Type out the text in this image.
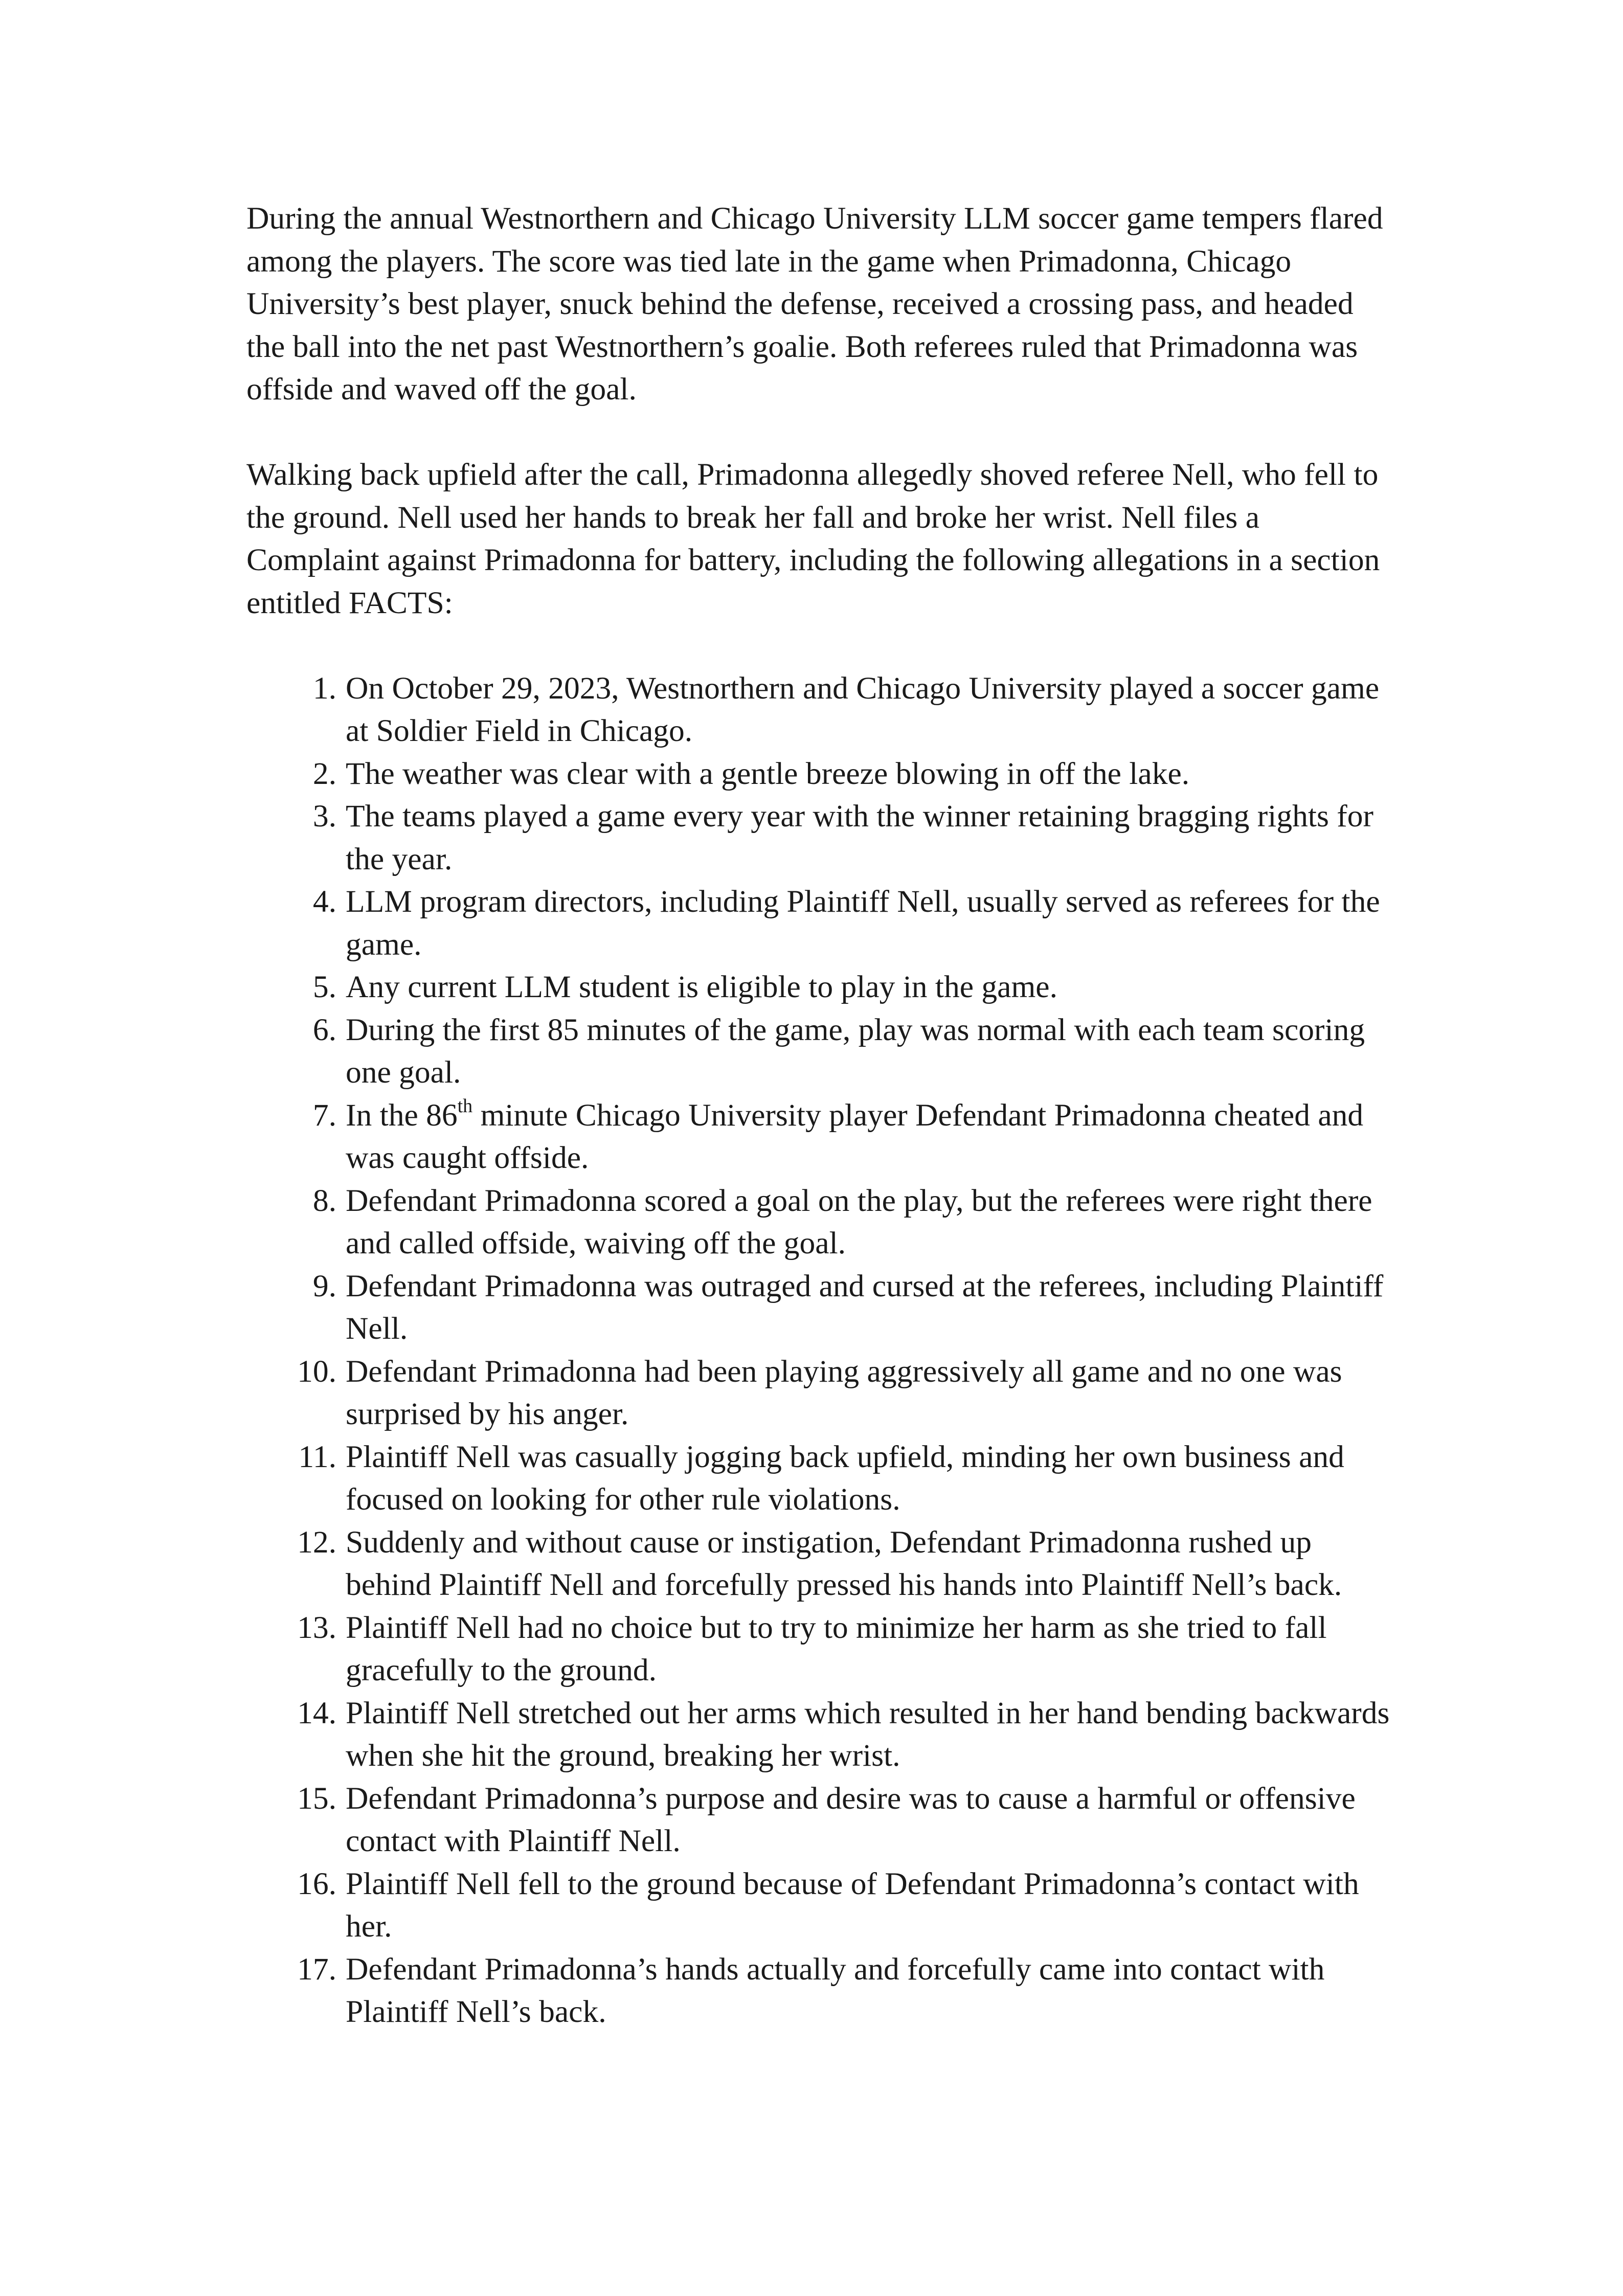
During the annual Westnorthern and Chicago University LLM soccer game tempers flared among the players. The score was tied late in the game when Primadonna, Chicago University’s best player, snuck behind the defense, received a crossing pass, and headed the ball into the net past Westnorthern’s goalie. Both referees ruled that Primadonna was offside and waved off the goal.

Walking back upfield after the call, Primadonna allegedly shoved referee Nell, who fell to the ground. Nell used her hands to break her fall and broke her wrist. Nell files a Complaint against Primadonna for battery, including the following allegations in a section entitled FACTS:

1. On October 29, 2023, Westnorthern and Chicago University played a soccer game at Soldier Field in Chicago.
2. The weather was clear with a gentle breeze blowing in off the lake.
3. The teams played a game every year with the winner retaining bragging rights for the year.
4. LLM program directors, including Plaintiff Nell, usually served as referees for the game.
5. Any current LLM student is eligible to play in the game.
6. During the first 85 minutes of the game, play was normal with each team scoring one goal.
7. In the 86th minute Chicago University player Defendant Primadonna cheated and was caught offside.
8. Defendant Primadonna scored a goal on the play, but the referees were right there and called offside, waiving off the goal.
9. Defendant Primadonna was outraged and cursed at the referees, including Plaintiff Nell.
10. Defendant Primadonna had been playing aggressively all game and no one was surprised by his anger.
11. Plaintiff Nell was casually jogging back upfield, minding her own business and focused on looking for other rule violations.
12. Suddenly and without cause or instigation, Defendant Primadonna rushed up behind Plaintiff Nell and forcefully pressed his hands into Plaintiff Nell’s back.
13. Plaintiff Nell had no choice but to try to minimize her harm as she tried to fall gracefully to the ground.
14. Plaintiff Nell stretched out her arms which resulted in her hand bending backwards when she hit the ground, breaking her wrist.
15. Defendant Primadonna’s purpose and desire was to cause a harmful or offensive contact with Plaintiff Nell.
16. Plaintiff Nell fell to the ground because of Defendant Primadonna’s contact with her.
17. Defendant Primadonna’s hands actually and forcefully came into contact with Plaintiff Nell’s back.
